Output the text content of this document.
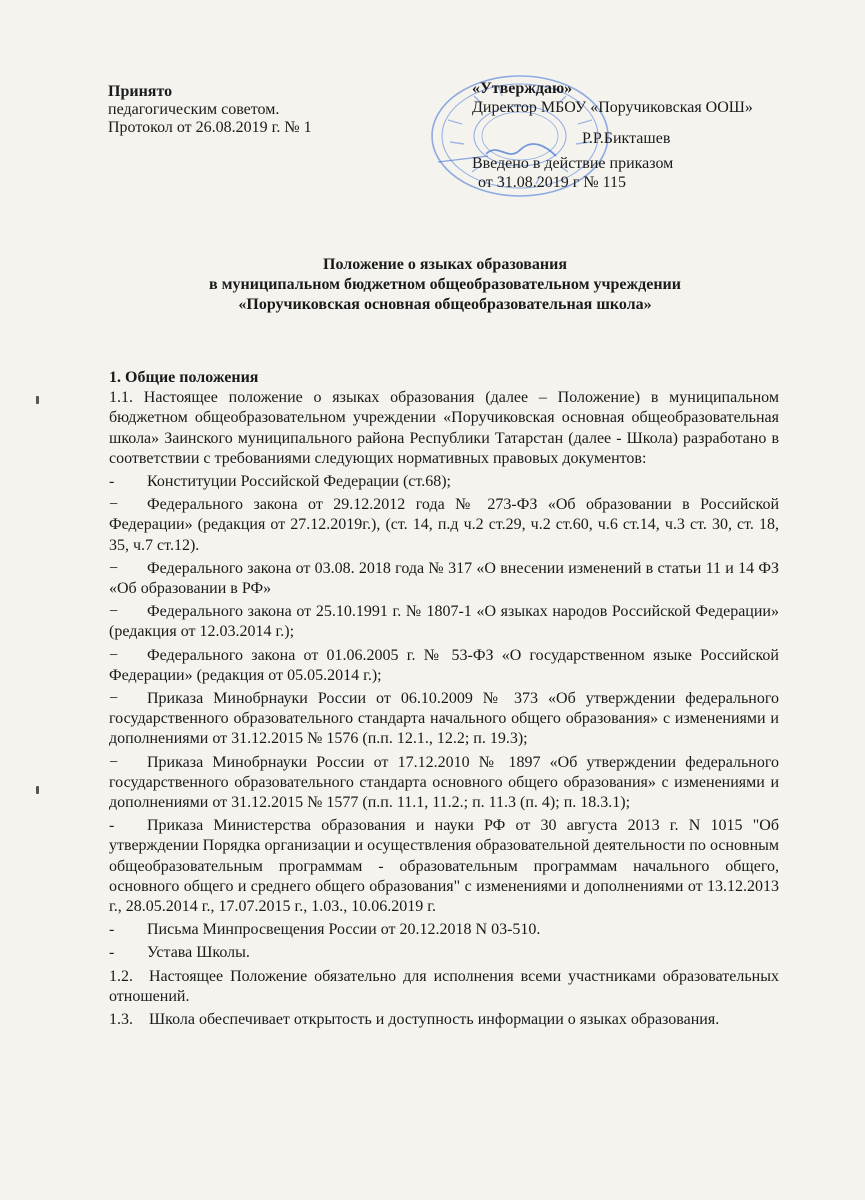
Принято
педагогическим советом.
Протокол от 26.08.2019 г. № 1
«Утверждаю»
Директор МБОУ «Поручиковская ООШ»
Р.Р.Бикташев
Введено в действие приказом
от 31.08.2019 г № 115
Положение о языках образования
в муниципальном бюджетном общеобразовательном учреждении
«Поручиковская основная общеобразовательная школа»

1. Общие положения

1.1. Настоящее положение о языках образования (далее – Положение) в муниципальном бюджетном общеобразовательном учреждении «Поручиковская основная общеобразовательная школа» Заинского муниципального района Республики Татарстан (далее - Школа) разработано в соответствии с требованиями следующих нормативных правовых документов:

- Конституции Российской Федерации (ст.68);

− Федерального закона от 29.12.2012 года № 273-ФЗ «Об образовании в Российской Федерации» (редакция от 27.12.2019г.), (ст. 14, п.д ч.2 ст.29, ч.2 ст.60, ч.6 ст.14, ч.3 ст. 30, ст. 18, 35, ч.7 ст.12).

− Федерального закона от 03.08. 2018 года № 317 «О внесении изменений в статьи 11 и 14 ФЗ «Об образовании в РФ»

− Федерального закона от 25.10.1991 г. № 1807-1 «О языках народов Российской Федерации» (редакция от 12.03.2014 г.);

− Федерального закона от 01.06.2005 г. № 53-ФЗ «О государственном языке Российской Федерации» (редакция от 05.05.2014 г.);

− Приказа Минобрнауки России от 06.10.2009 № 373 «Об утверждении федерального государственного образовательного стандарта начального общего образования» с изменениями и дополнениями от 31.12.2015 № 1576 (п.п. 12.1., 12.2; п. 19.3);

− Приказа Минобрнауки России от 17.12.2010 № 1897 «Об утверждении федерального государственного образовательного стандарта основного общего образования» с изменениями и дополнениями от 31.12.2015 № 1577 (п.п. 11.1, 11.2.; п. 11.3 (п. 4); п. 18.3.1);

- Приказа Министерства образования и науки РФ от 30 августа 2013 г. N 1015 "Об утверждении Порядка организации и осуществления образовательной деятельности по основным общеобразовательным программам - образовательным программам начального общего, основного общего и среднего общего образования" с изменениями и дополнениями от 13.12.2013 г., 28.05.2014 г., 17.07.2015 г., 1.03., 10.06.2019 г.

- Письма Минпросвещения России от 20.12.2018 N 03-510.

- Устава Школы.

1.2. Настоящее Положение обязательно для исполнения всеми участниками образовательных отношений.

1.3. Школа обеспечивает открытость и доступность информации о языках образования.
